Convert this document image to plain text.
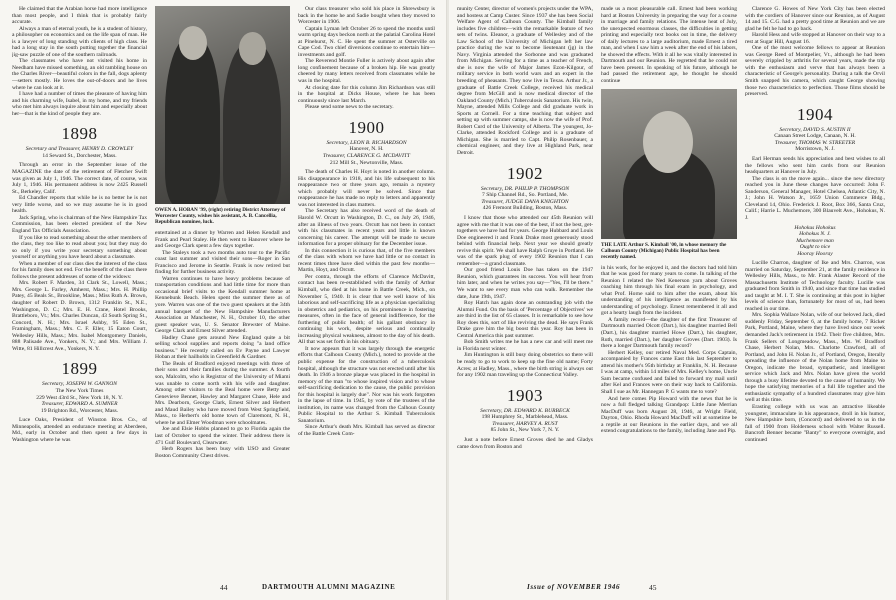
He claimed that the Arabian horse had more intelligence than most people, and I think that is probably fairly accurate.

Always a man of eternal youth, he is a student of history, a philosopher on economics and on the life span of man. He is a lawyer of long standing with clients of high class. He had a long stay in the south putting together the financial jig-saw puzzle of one of the southern railroads.

The classmates who have not visited his home in Needham have missed something, an old rambling house on the Charles River—beautiful colors in the fall, dogs aplenty—setters mostly. He loves the out-of-doors and he lives where he can look at it.

I have had a number of times the pleasure of having him and his charming wife, Isabel, in my home, and my friends who met him always inquire about him and especially about her—that is the kind of people they are.

1898
Secretary and Treasurer, HENRY D. CROWLEY
14 Seward St., Dorchester, Mass.

Through an error in the September issue of the MAGAZINE the date of the retirement of Fletcher Swift was given as July 1, 1946. The correct date, of course, was July 1, 1946. His permanent address is now 2425 Russell St., Berkeley, Calif.

Ed Chandler reports that while he is no better he is not very little worse, and so we may assume he is in good health.

Jack Spring, who is chairman of the New Hampshire Tax Commission, has been elected president of the New England Tax Officials Association.

If you like to read something about the other members of the class, they too like to read about you; but they may do so only if you write your secretary something about yourself or anything you have heard about a classmate.

When a member of our class dies the interest of the class for his family does not end. For the benefit of the class there follows the present addresses of some of the widows:

Mrs. Robert F. Marden, 34 Clark St., Lowell, Mass.; Mrs. George L. Farley, Amherst, Mass.; Mrs. H. Phillip Patey, 45 Beals St., Brookline, Mass.; Miss Ruth A. Brown, daughter of Robert D. Brown, 1312 Franklin St., N.E., Washington, D. C.; Mrs. E. H. Crane, Hotel Brooks, Brattleboro, Vt.; Mrs. Charles Duncan, 43 South Spring St., Concord, N. H.; Mrs. Israel Ashby, 95 Eden St., Framingham, Mass.; Mrs. C. F. Eller, 15 Eaton Court, Wellesley Hills, Mass.; Mrs. Isabel Montgomery Daniels, 888 Palisade Ave., Yonkers, N. Y.; and Mrs. William J. Witte, 81 Hillcrest Ave., Yonkers, N. Y.

1899
Secretary, JOSEPH W. GANNON
The New York Times
229 West 43rd St., New York 18, N. Y.
Treasurer, EDWARD A. SUMNER
19 Brighton Rd., Worcester, Mass.

Luce Oaks, President of Winston Bros. Co., of Minneapolis, attended an endurance meeting at Aberdeen, Md., early in October and then spent a few days in Washington where he was

OWEN A. HOBAN '99, (right) retiring District Attorney of Worcester County, wishes his assistant, A. B. Cancellia, Republican nominee, luck.

entertained at a dinner by Warren and Helen Kendall and Frank and Pearl Staley. He then went to Hanover where he and George Clark spent a few days together.

The Staleys took a two months auto tour to the Pacific coast last summer and visited their sons—Roger in San Francisco and Jerome in Seattle. Frank is now retired but finding for further business activity.

Warren continues to have heavy problems because of transportation conditions and had little time for more than occasional brief visits to the Kendall summer home at Kennebunk Beach. Helen spent the summer there as of yore. Warren was one of the two guest speakers at the 34th annual banquet of the New Hampshire Manufacturers Association at Manchester, N. H., October 10, the other guest speaker was, U. S. Senator Brewster of Maine. George Clark and Ernest Silver attended.

Hadley Chase gets around New England quite a bit selling school supplies and reports doing "a land office business." He recently called on Ev Payne and Lawyer Hoban at their hailholds in Greenfield & Gardner.

The Beals of Bradford enjoyed meetings with three of their sons and their families during the summer. A fourth son, Malcolm, who is Registrar of the University of Miami was unable to come north with his wife and daughter. Among other visitors to the Beal home were Betty and Genevieve Bennet, Hawley and Margaret Chase, Hele and Mrs. Dearborn, George Clark, Ernest Silver and Herbert and Maud Bailey who have moved from West Springfield, Mass., to Herbert's old home town of Claremont, N. H., where he and Elmer Woodman were schoolmates.

Joe and Elsie Hobbs planned to go to Florida again the last of October to spend the winter. Their address there is 471 Gulf Boulevard, Clearwater.

Herb Rogers has been busy with USO and Greater Boston Community Chest drives.

Our class treasurer who sold his place in Shrewsbury is back in the home he and Sadie bought when they moved to Worcester in 1906.

Captain Lyman left October 26 to spend the months until warm spring days beckon north at the palatial Carolina Hotel at Pinehurst, N. C. He spent the summer at Osterville on Cape Cod. Two chief diversions continue to entertain him—investments and golf.

The Reverend Montie Fuller is actively about again after long confinement because of a broken hip. He was greatly cheered by many letters received from classmates while he was in the hospital.

At closing date for this column Jim Richardson was still in the hospital at Dicks House, where he has been continuously since last March.

Please send some news to the secretary.

1900
Secretary, LEON B. RICHARDSON
Hanover, N. H.
Treasurer, CLARENCE G. MCDAVITT
212 Mill St., Newtonville, Mass.

The death of Charles H. Hoyt is noted in another column. His disappearance in 1918, and his life subsequent to his reappearance two or three years ago, remain a mystery which probably will never be solved. Since that reappearance he has made no reply to letters and apparently was not interested in class matters.

The Secretary has also received word of the death of Harold W. Orcutt in Washington, D. C., on July 26, 1946, after an illness of two years. Orcutt has not been in contact with his classmates in recent years and little is known concerning his career. The attempt will be made to secure information for a proper obituary for the December issue.

In this connection it is curious that, of the five members of the class with whom we have had little or no contact in recent times three have died within the past few months—Martin, Hoyt, and Orcutt.

Per contra, through the efforts of Clarence McDavitt, contact has been re-established with the family of Arthur Kimball, who died at his home in Battle Creek, Mich., on November 5, 1940. It is clear that we well know of his laborious and self-sacrificing life as a physician specializing in obstetrics and pediatrics, on his prominence in fostering measures, often in the face of general indifference, for the furthering of public health; of his gallant obstinacy in continuing his work, despite serious and continually increasing physical weakness, almost to the day of his death. All that was set forth in his obituary.

It now appears that it was largely through the energetic efforts that Calhoun County (Mich.), noted to provide at the public expense for the construction of a tuberculosis hospital, although the structure was not erected until after his death. In 1946 a bronze plaque was placed in the hospital in memory of the man "to whose inspired vision and to whose self-sacrificing dedication to the cause, the public provision for this hospital is largely due". Nor was his work forgotten in the lapse of time. In 1945, by vote of the trustees of the institution, its name was changed from the Calhoun County Public Hospital to the Arthur S. Kimball Tuberculosis Sanatorium.

Since Arthur's death Mrs. Kimball has served as director of the Battle Creek Com-

44	DARTMOUTH ALUMNI MAGAZINE

munity Center, director of women's projects under the WPA, and hostess at Camp Custer. Since 1937 she has been Social Welfare Agent of Calhoun County. The Kimball family includes five children—with the remarkable feature of two sets of twins. Eleanor, a graduate of Wellesley and of the Law School of the University of Michigan left her law practice during the war to become lieutenant (jg) in the Navy. Virginia attended the Sorbonne and was graduated from Michigan. Serving for a time as a teacher of French, she is now the wife of Major James Ezon-Kilgour, of military service in both world wars and an expert in the breeding of pheasants. They now live in Texas. Arthur Jr., a graduate of Battle Creek College, received his medical degree from McGill and is now medical director of the Oakland County (Mich.) Tuberculosis Sanatorium. His twin, Mayne, attended Mills College and did graduate work in Sports at Cornell. For a time teaching that subject and setting up with summer camps, she is now the wife of Prof. Robert Curd of the University of Alberta. The youngest, Jo-Clarke, attended Rockford College and is a graduate of Michigan. She is married to Capt. Philip Rosenbauer, a chemical engineer, and they live at Highland Park, near Detroit.

1902
Secretary, DR. PHILIP P. THOMPSON
7 Ship Channel Rd., So. Portland, Me.
Treasurer, JUDGE DANA KNIGHTON
426 Fremont Building, Boston, Mass.

I know that those who attended our 45th Reunion will agree with me that it was one of the best, if not the best, get-togethers we have had for years. George Hubbard and Louis Doe engineered it and Frank Drake most generously stood behind with financial help. Next year we should greatly revive this spirit. We shall have Ralph Gruye in Portland. He was of the spark plug of every 1902 Reunion that I can remember—a grand classmate.

Our good friend Louis Doe has taken on the 1947 Reunion, which guarantees its success. You will hear from him later, and when he writes you say—"Yes, I'll be there." We want to see every man who can walk. Remember the date, June 19th, 1947.

Roy Hatch has again done an outstanding job with the Alumni Fund. On the basis of 'Percentage of Objectives' we are third in the list of 65 classes. It is remarkable to see how Roy does this, sort of like reviving the dead. He says Frank Drake gave him the big boost this year. Roy has been in Central America this past summer.

Bob Smith writes me he has a new car and will meet me in Florida next winter.

Jim Huntington is still busy doing obstetrics so there will be ready to go to work to keep up the fine old name; Forty Acres; at Hadley, Mass., where the birth string is always out for any 1902 man traveling up the Connecticut Valley.

1903
Secretary, DR. EDWARD K. BURBECK
198 Humphrey St., Marblehead, Mass.
Treasurer, HARVEY A. RUST
85 John St., New York 7, N. Y.

Just a note before Ernest Groves died he and Gladys came down from Boston and

made us a most pleasurable call. Ernest had been working hard at Boston University in preparing the way for a course in marriage and family relations. The intense heat of July, the unexpected enormous classes, the difficulties in getting printing and especially text books out in time, the delivery of daily lectures to a large auditorium, made Ernest a tired man, and when I saw him a week after the end of his labors, he showed the effects. With it all he was vitally interested in Dartmouth and our Reunion. He regretted that he could not have been present. In speaking of his future, although he had passed the retirement age, he thought he should continue

THE LATE Arthur S. Kimball '00, in whose memory the Calhoun County (Michigan) Public Hospital has been recently named.

in his work, for he enjoyed it, and the doctors had told him that he was good for many years to come. In talking of the Reunion I related the Ned Kenerson yarn about Groves coaching him through his final exam in psychology, and what Prof. Horne said to him after the exam, about his understanding of his intelligence as manifested by his understanding of psychology. Ernest remembered it all and got a hearty laugh from the incident.

A family record—the daughter of the first Treasurer of Dartmouth married Olcott (Dart.), his daughter married Bell (Dart.), his daughter married Howe (Dart.), his daughter, Ruth, married (Dart.), her daughter Groves (Dart. 1903). Is there a longer Dartmouth family record?

Herbert Kelley, our retired Naval Med. Corps Captain, accompanied by Frances came East this last September to attend his mother's 95th birthday at Franklin, N. H. Because I was at camp, within 14 miles of Mrs. Kelley's home, Uncle Sam became confused and failed to forward my mail until after Kel and Frances were on their way back to California. Shall I sue as Mr. Hannegan P. G wants me to vote?

And here comes Pip Howard with the news that he is now a full fledged talking Grandpop: Little Jane Merrian MacDuff was born August 28, 1946, at Wright Field, Dayton, Ohio. Rhoda Howard MacDuff will at sometime be a reptile at our Reunions in the earlier days, and we all extend congratulations to the family, including Jane and Pip.

Clarence G. Howes of New York City has been elected with the cordiers of Hanover since our Reunion, as of August 14 and 15. C.G. had a pretty good time at Reunion and we are glad he felt he had to go back.

Harold Hess and wife stopped at Hanover on their way to a rest at Sugar Hill, August 16.

One of the most welcome fellows to appear at Reunion was George Reed of Montpelier, Vt., although he had been severely crippled by arthritis for several years, made the trip with the enthusiasm and verve that has always been a characteristic of George's personality. During a talk the Orvil Smith snapped his camera, which caught George showing those two characteristics to perfection. Those films should be preserved.

1904
Secretary, DAVID S. AUSTIN II
Canaan Street Lodge, Canaan, N. H.
Treasurer, THOMAS W. STREETER
Morristown, N. J.

Earl Herman sends his appreciation and best wishes to all the fellows who sent him cards from our Reunion headquarters at Hanover in July.

The class is on the move again... since the new directory reached you in June these changes have occurred: John F. Sanderson, General Manager, Hotel Chelsea, Atlantic City, N. J.; John H. Watson Jr., 1659 Union Commerce Bldg., Cleveland 14, Ohio. Frederick J. Root, Box 366, Santa Cruz, Calif.; Harrie L. Muchemore, 300 Blauvelt Ave., Hohokus, N. J.

Hohokus Hohokus
Hohokus N. J.
Muchemore man
Ought to nice
Hooray Hooray

Lucille Charron, daughter of Ike and Mrs. Charron, was married on Saturday, September 21, at the family residence in Wellesley Hills, Mass., to Mr. Frank Alaster Record of the Massachusetts Institute of Technology faculty. Lucille was graduated from Smith in 1940, and since that time has studied and taught at M. I. T. She is continuing at this post in higher levels of science than, fortunately for most of us, had been reached in our time.

Mrs. Sophia Wallace Nolan, wife of our beloved Jack, died suddenly Friday, September 6, at the family home, 7 Ricker Park, Portland, Maine, where they have lived since our week demanded Jack's retirement in 1942. Their five children, Mrs. Frank Sellers of Longmeadow, Mass., Mrs. W. Bradford Chase, Herbert Nolan, Mrs. Charlotte Crawford, all of Portland, and John H. Nolan Jr., of Portland, Oregon, literally spreading the influence of the Nolan home from Maine to Oregon, indicate the broad, sympathetic, and intelligent service which Jack and Mrs. Nolan have given the world through a busy lifetime devoted to the cause of humanity. We hope the satisfying memories of a full life together and the enthusiastic sympathy of a hundred classmates may give him well at this time.

Erasting college with us was an attractive likeable youngster, immaculate in his appearance, droll in his humor, New Hampshire born, (Concord) and delivered to us in the fall of 1900 from Holderness school with Walter Russell. Bancroft Benner became "Banty" to everyone overnight, and continued

Issue of NOVEMBER 1946	45
